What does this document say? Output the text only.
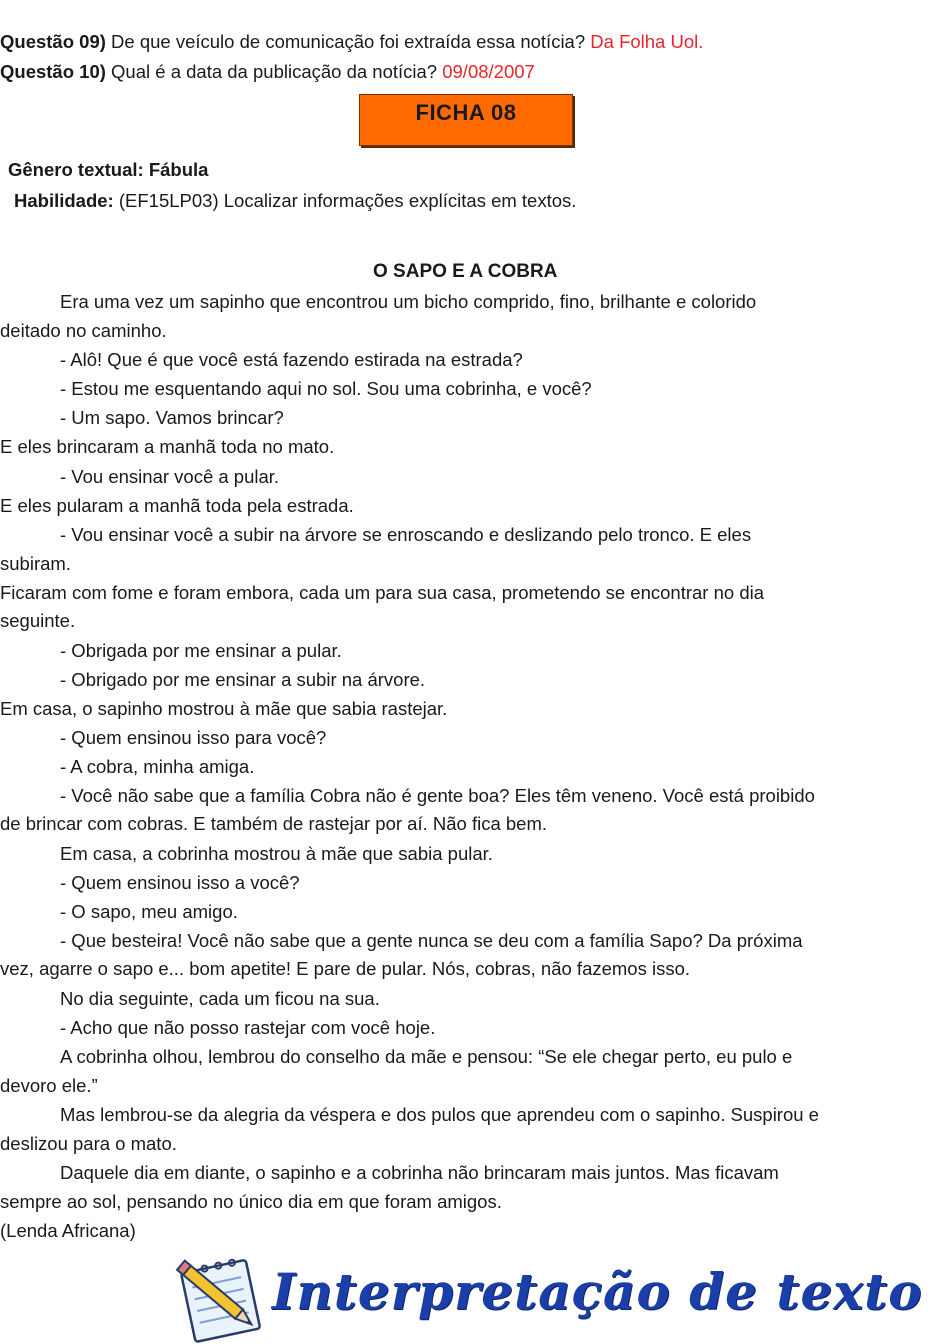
Questão 09) De que veículo de comunicação foi extraída essa notícia? Da Folha Uol.
Questão 10) Qual é a data da publicação da notícia? 09/08/2007
FICHA 08
Gênero textual: Fábula
Habilidade: (EF15LP03) Localizar informações explícitas em textos.
O SAPO E A COBRA
Era uma vez um sapinho que encontrou um bicho comprido, fino, brilhante e colorido
deitado no caminho.
- Alô! Que é que você está fazendo estirada na estrada?
- Estou me esquentando aqui no sol. Sou uma cobrinha, e você?
- Um sapo. Vamos brincar?
E eles brincaram a manhã toda no mato.
- Vou ensinar você a pular.
E eles pularam a manhã toda pela estrada.
- Vou ensinar você a subir na árvore se enroscando e deslizando pelo tronco. E eles
subiram.
Ficaram com fome e foram embora, cada um para sua casa, prometendo se encontrar no dia
seguinte.
- Obrigada por me ensinar a pular.
- Obrigado por me ensinar a subir na árvore.
Em casa, o sapinho mostrou à mãe que sabia rastejar.
- Quem ensinou isso para você?
- A cobra, minha amiga.
- Você não sabe que a família Cobra não é gente boa? Eles têm veneno. Você está proibido
de brincar com cobras. E também de rastejar por aí. Não fica bem.
Em casa, a cobrinha mostrou à mãe que sabia pular.
- Quem ensinou isso a você?
- O sapo, meu amigo.
- Que besteira! Você não sabe que a gente nunca se deu com a família Sapo? Da próxima
vez, agarre o sapo e... bom apetite! E pare de pular. Nós, cobras, não fazemos isso.
No dia seguinte, cada um ficou na sua.
- Acho que não posso rastejar com você hoje.
A cobrinha olhou, lembrou do conselho da mãe e pensou: “Se ele chegar perto, eu pulo e
devoro ele.”
Mas lembrou-se da alegria da véspera e dos pulos que aprendeu com o sapinho. Suspirou e
deslizou para o mato.
Daquele dia em diante, o sapinho e a cobrinha não brincaram mais juntos. Mas ficavam
sempre ao sol, pensando no único dia em que foram amigos.
(Lenda Africana)
Interpretação de texto
